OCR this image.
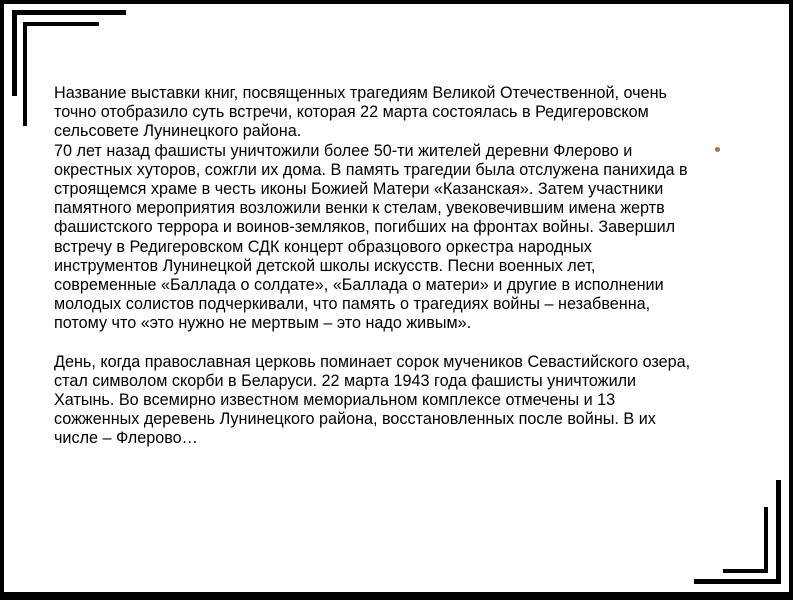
Название выставки книг, посвященных трагедиям Великой Отечественной, очень
точно отобразило суть встречи, которая 22 марта состоялась в Редигеровском
сельсовете Лунинецкого района.

70 лет назад фашисты уничтожили более 50-ти жителей деревни Флерово и
окрестных хуторов, сожгли их дома. В память трагедии была отслужена панихида в
строящемся храме в честь иконы Божией Матери «Казанская». Затем участники
памятного мероприятия возложили венки к стелам, увековечившим имена жертв
фашистского террора и воинов-земляков, погибших на фронтах войны. Завершил
встречу в Редигеровском СДК концерт образцового оркестра народных
инструментов Лунинецкой детской школы искусств. Песни военных лет,
современные «Баллада о солдате», «Баллада о матери» и другие в исполнении
молодых солистов подчеркивали, что память о трагедиях войны – незабвенна,
потому что «это нужно не мертвым – это надо живым».

День, когда православная церковь поминает сорок мучеников Севастийского озера,
стал символом скорби в Беларуси. 22 марта 1943 года фашисты уничтожили
Хатынь. Во всемирно известном мемориальном комплексе отмечены и 13
сожженных деревень Лунинецкого района, восстановленных после войны. В их
числе – Флерово…
